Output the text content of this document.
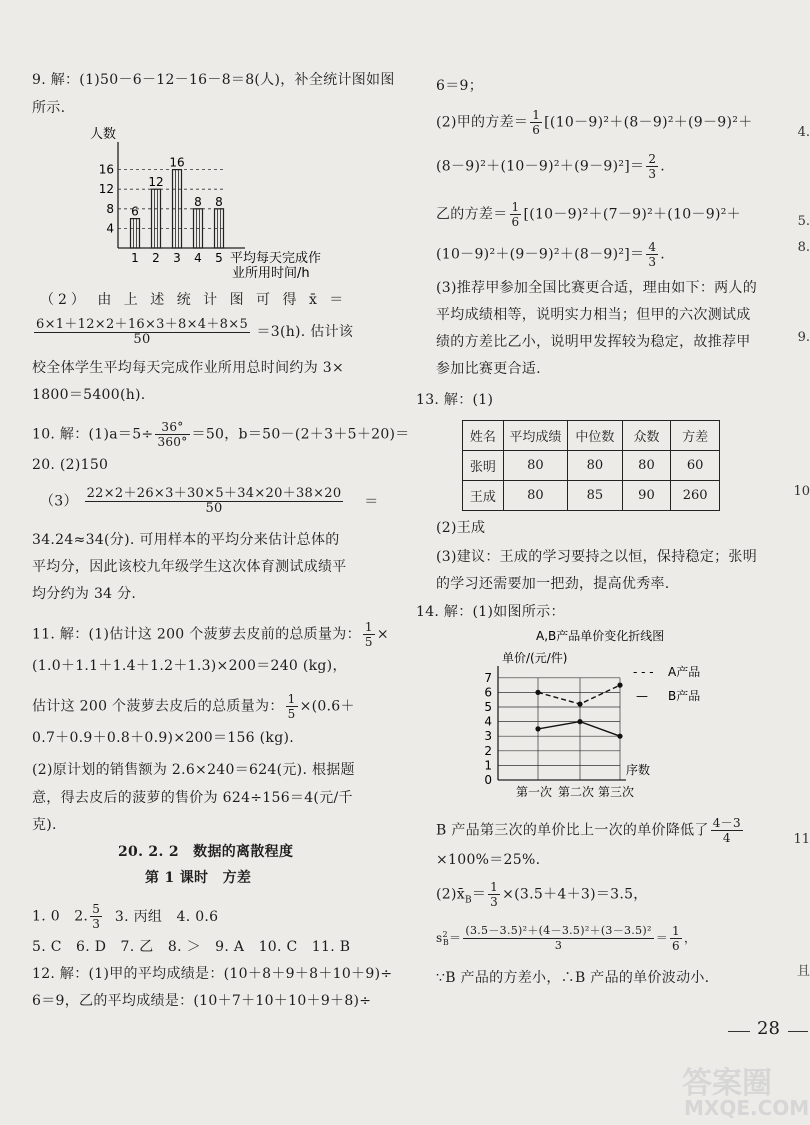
9. 解：(1)50－6－12－16－8＝8(人)，补全统计图如图
所示.
人数
4
8
12
16
6
12
16
8 8
1 2 3 4 5 平均每天完成作
业所用时间/h
（2） 由 上 述 统 计 图 可 得 x̄ ＝
$\frac{6\times 1+12\times 2+16\times 3+8\times 4+8\times 5}{50} =3(h)$. 估计该
校全体学生平均每天完成作业所用总时间约为 3×
1800＝5400(h).
10. 解：$(1)a=5\div \frac{36^\circ}{360^\circ} =50$，b＝50－(2＋3＋5＋20)＝
20. (2)150
$(3) \frac{22\times 2+26\times 3+30\times 5+34\times 20+38\times 20}{50}$ ＝
34.24≈34(分). 可用样本的平均分来估计总体的
平均分，因此该校九年级学生这次体育测试成绩平
均分约为 34 分.
11. 解：(1)估计这 200 个菠萝去皮前的总质量为： $\frac{1}{5}$ ×
(1.0＋1.1＋1.4＋1.2＋1.3)×200＝240 (kg)，
估计这 200 个菠萝去皮后的总质量为： $\frac{1}{5} \times(0.6+$
0.7＋0.9＋0.8＋0.9)×200＝156 (kg).
(2)原计划的销售额为 2.6×240＝624(元). 根据题
意，得去皮后的菠萝的售价为 624÷156＝4(元/千
克).
20. 2. 2　数据的离散程度
第 1 课时　方差
1. 0　2. $\frac{5}{3} 3$. 丙组　4. 0.6
5. C　6. D　7. 乙　8. ＞　9. A　10. C　11. B
12. 解：(1)甲的平均成绩是：(10＋8＋9＋8＋10＋9)÷
6＝9，乙的平均成绩是：(10＋7＋10＋10＋9＋8)÷
6＝9；
(2)甲的方差＝ $\frac{1}{6} [(10-9)^2+(8-9)^2+(9-9)^2+$
$(8-9)^2+(10-9)^2+(9-9)^2]= \frac{2}{3}$ .
乙的方差＝ $\frac{1}{6} [(10-9)^2+(7-9)^2+(10-9)^2+$
$(10-9)^2+(9-9)^2+(8-9)^2]= \frac{4}{3}$ .
(3)推荐甲参加全国比赛更合适，理由如下：两人的
平均成绩相等，说明实力相当；但甲的六次测试成
绩的方差比乙小，说明甲发挥较为稳定，故推荐甲
参加比赛更合适.
13. 解：(1)
姓名	平均成绩	中位数	众数	方差
张明	80	80	80	60
王成	80	85	90	260
(2)王成
(3)建议：王成的学习要持之以恒，保持稳定；张明
的学习还需要加一把劲，提高优秀率.
14. 解：(1)如图所示：
A,B产品单价变化折线图
单价/(元/件)
0
1
2
3
4
5
6
7
第一次 第二次 第三次
序数
- - - A产品
— B产品
B 产品第三次的单价比上一次的单价降低了 $\frac{4-3}{4}$
×100%＝25%.
$(2)x̄_B= \frac{1}{3} \times(3.5+4+3)=3.5$，
$s^2_B= \frac{\text{(3.5－3.5)²＋(4－3.5)²＋(3－3.5)²}}{3} = \frac{1}{6}$ ，
∵B 产品的方差小，∴B 产品的单价波动小.
4.
5.
8.
9.
10
11
且
28
答案圈
MXQE.COM
